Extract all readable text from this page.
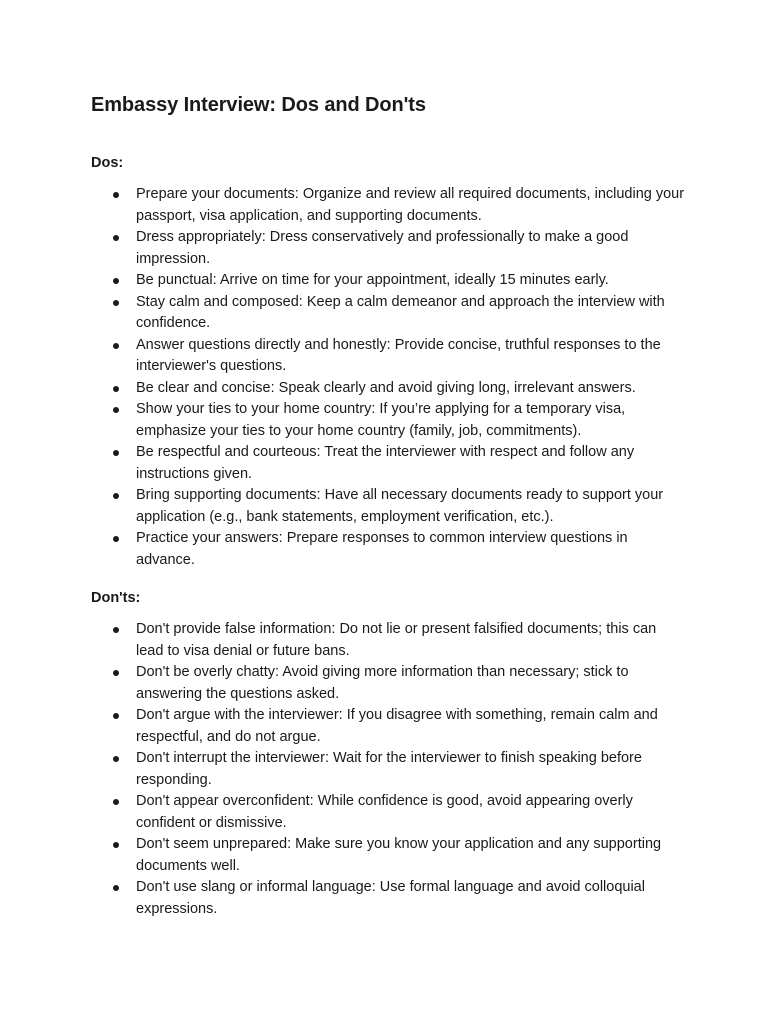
Embassy Interview: Dos and Don'ts
Dos:
Prepare your documents: Organize and review all required documents, including your passport, visa application, and supporting documents.
Dress appropriately: Dress conservatively and professionally to make a good impression.
Be punctual: Arrive on time for your appointment, ideally 15 minutes early.
Stay calm and composed: Keep a calm demeanor and approach the interview with confidence.
Answer questions directly and honestly: Provide concise, truthful responses to the interviewer's questions.
Be clear and concise: Speak clearly and avoid giving long, irrelevant answers.
Show your ties to your home country: If you’re applying for a temporary visa, emphasize your ties to your home country (family, job, commitments).
Be respectful and courteous: Treat the interviewer with respect and follow any instructions given.
Bring supporting documents: Have all necessary documents ready to support your application (e.g., bank statements, employment verification, etc.).
Practice your answers: Prepare responses to common interview questions in advance.
Don'ts:
Don't provide false information: Do not lie or present falsified documents; this can lead to visa denial or future bans.
Don't be overly chatty: Avoid giving more information than necessary; stick to answering the questions asked.
Don't argue with the interviewer: If you disagree with something, remain calm and respectful, and do not argue.
Don't interrupt the interviewer: Wait for the interviewer to finish speaking before responding.
Don't appear overconfident: While confidence is good, avoid appearing overly confident or dismissive.
Don't seem unprepared: Make sure you know your application and any supporting documents well.
Don't use slang or informal language: Use formal language and avoid colloquial expressions.
